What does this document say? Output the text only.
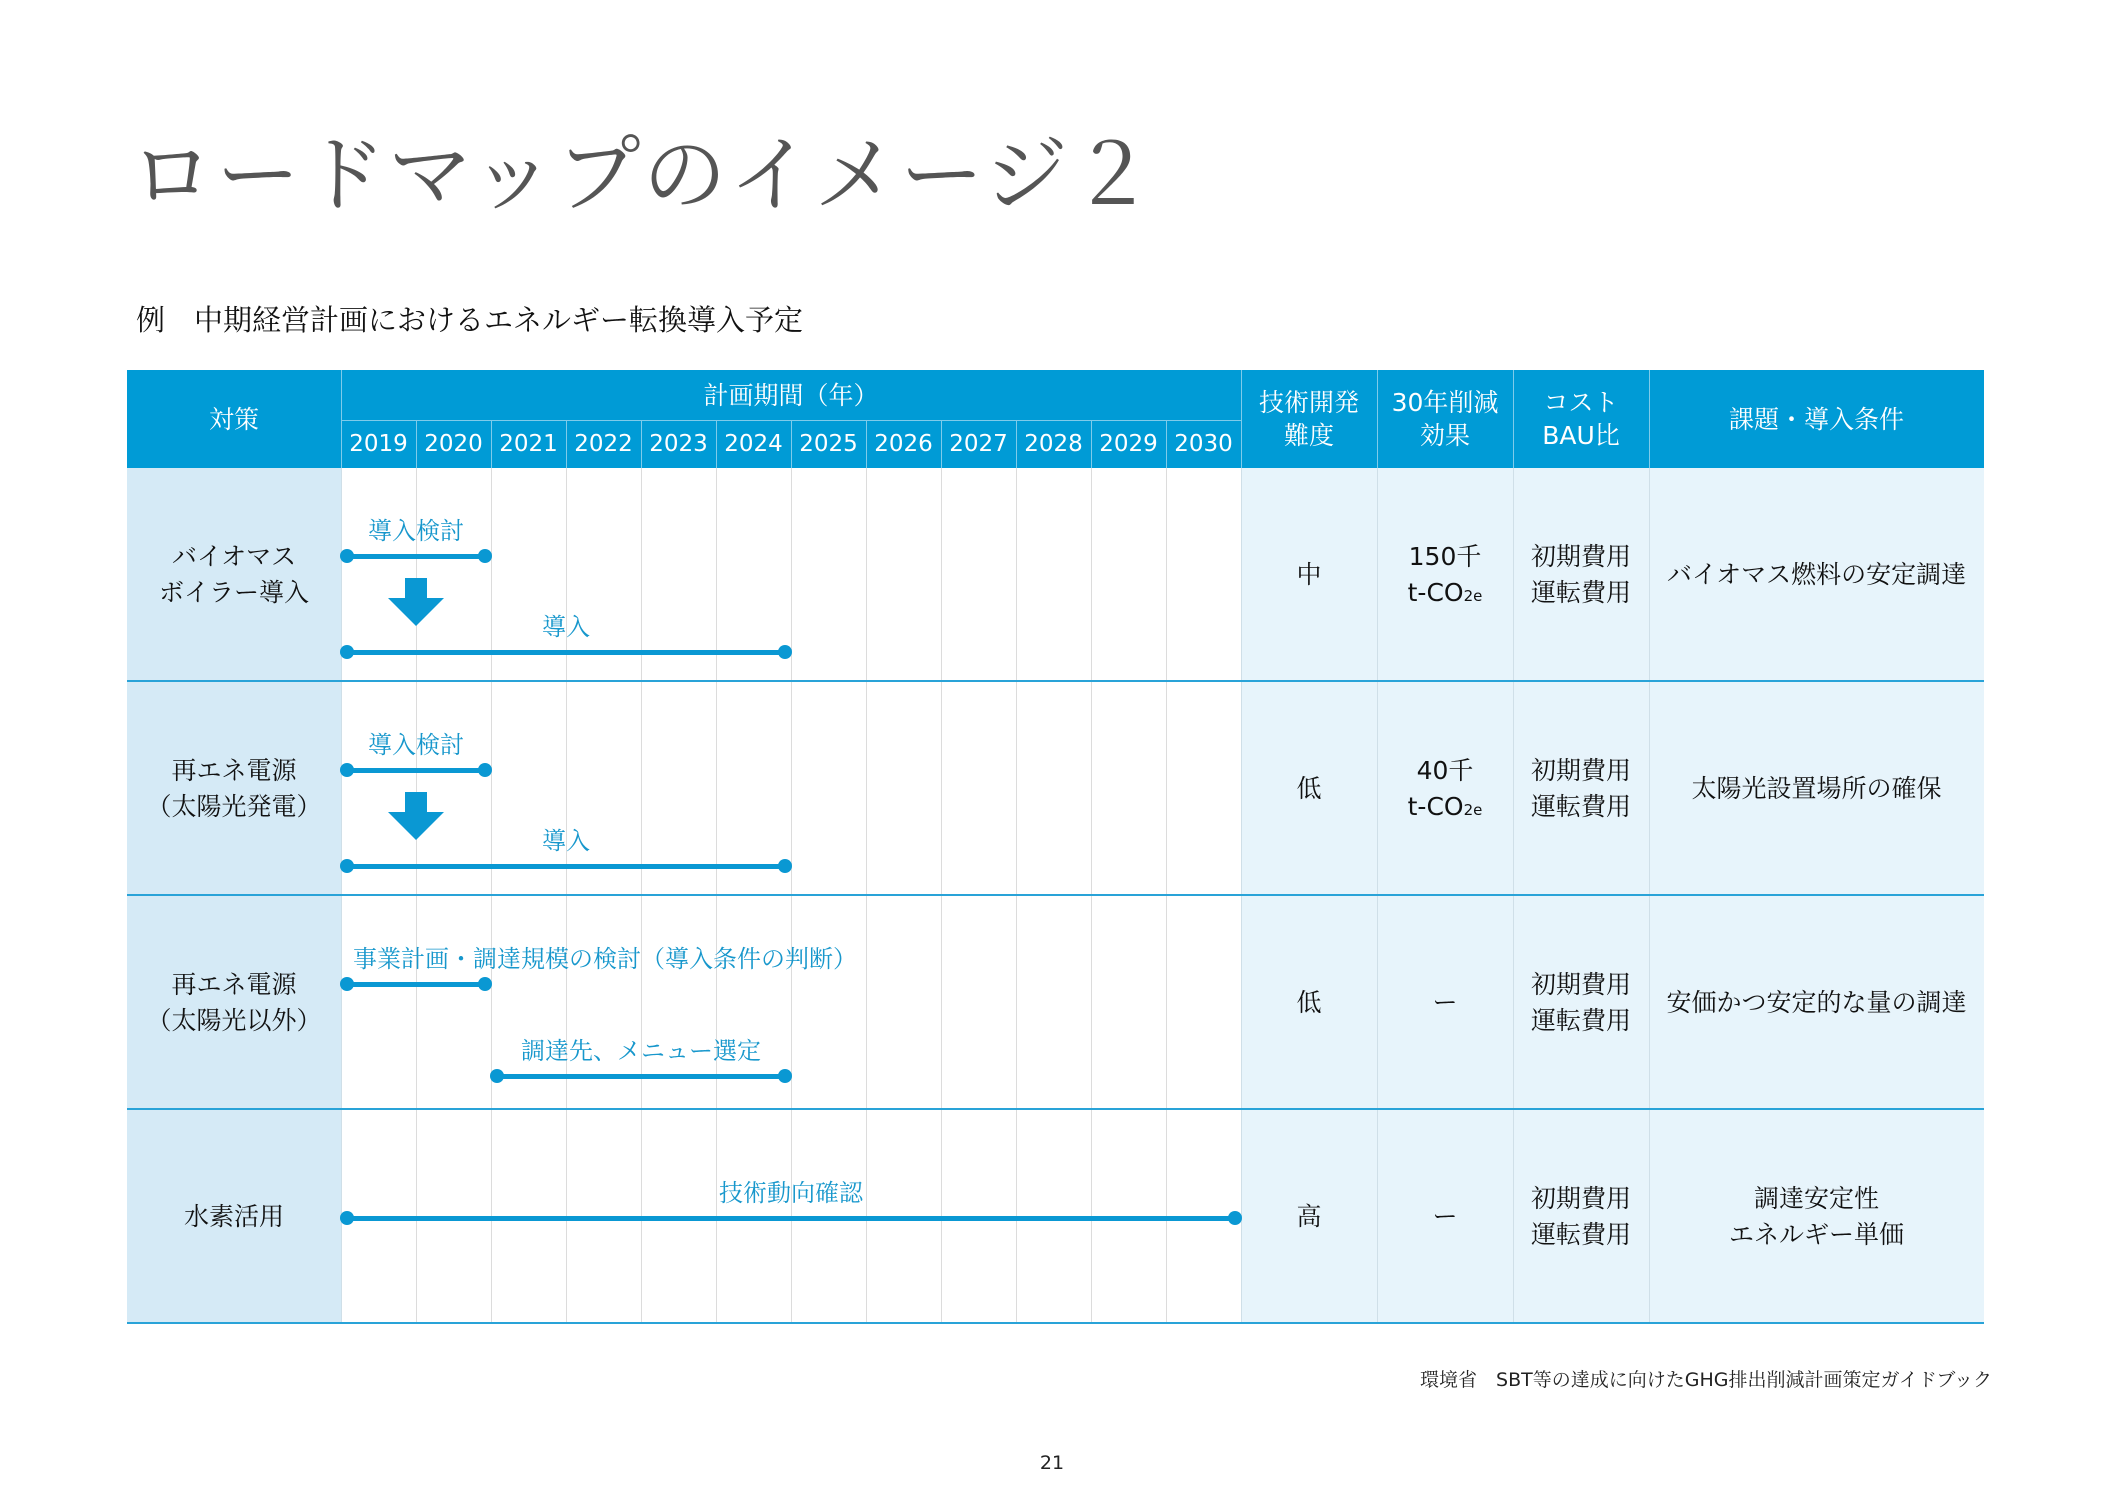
ロードマップのイメージ２
例　中期経営計画におけるエネルギー転換導入予定
対策
計画期間（年）	技術開発
難度
30年削減
効果
コスト
BAU比
課題・導入条件
2019 2020 2021 2022 2023 2024 2025 2026 2027 2028 2029 2030
バイオマス
ボイラー導入
中
初期費用
運転費用
バイオマス燃料の安定調達
150千
t-CO2e
導入検討
導入
再エネ電源
（太陽光発電）
低
初期費用
運転費用
太陽光設置場所の確保
40千
t-CO2e
導入検討
導入
再エネ電源
（太陽光以外）
低
初期費用
運転費用
安価かつ安定的な量の調達
ー
事業計画・調達規模の検討（導入条件の判断）
調達先、メニュー選定
水素活用	高
初期費用
運転費用
調達安定性
エネルギー単価
ー
技術動向確認
環境省　SBT等の達成に向けたGHG排出削減計画策定ガイドブック
21
